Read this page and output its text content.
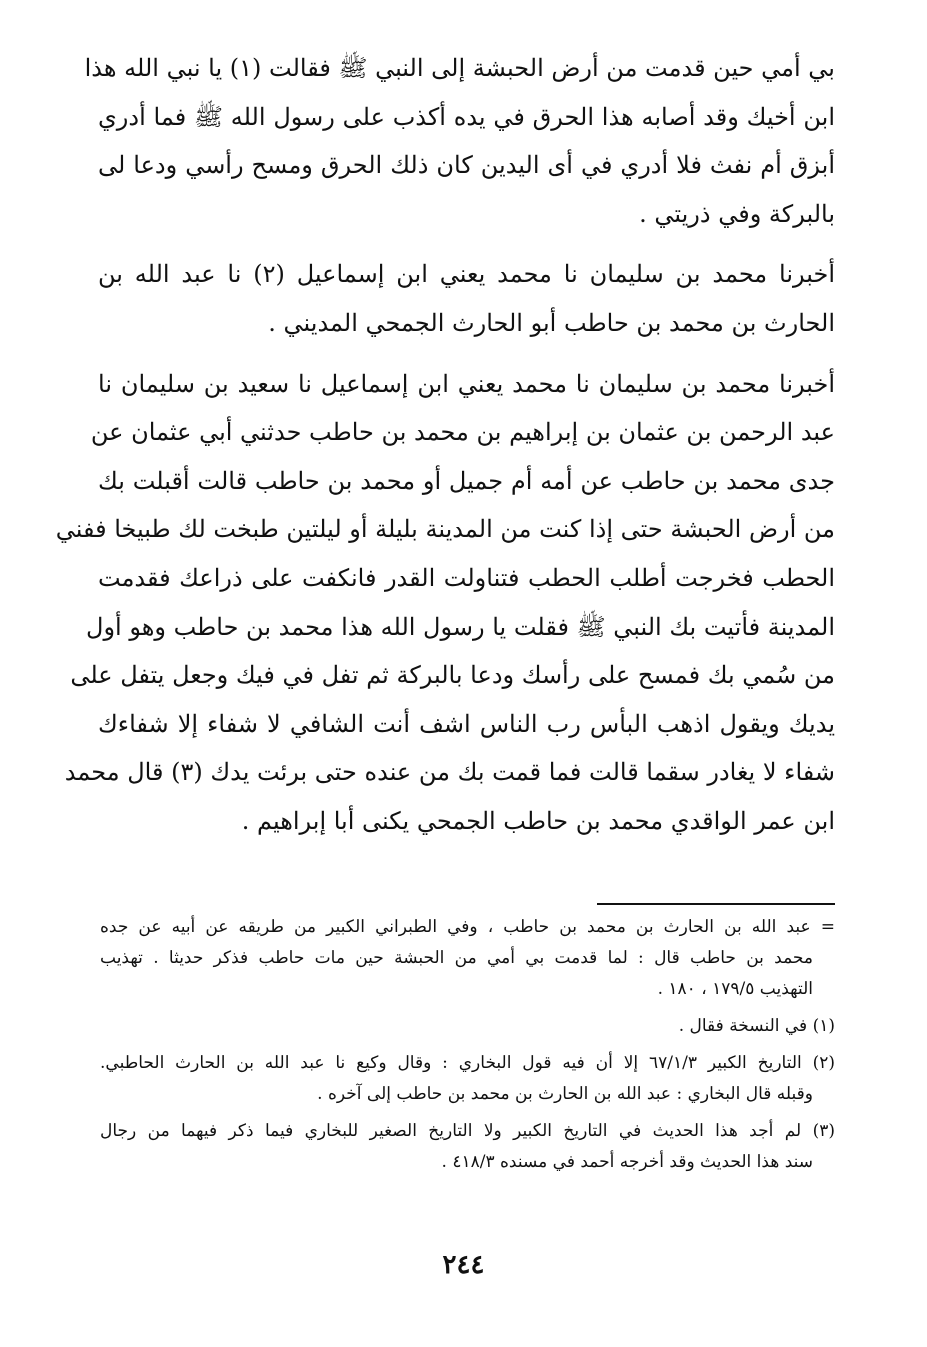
بي أمي حين قدمت من أرض الحبشة إلى النبي ﷺ فقالت (١) يا نبي الله هذا
ابن أخيك وقد أصابه هذا الحرق في يده أكذب على رسول الله ﷺ فما أدري
أبزق أم نفث فلا أدري في أى اليدين كان ذلك الحرق ومسح رأسي ودعا لى
بالبركة وفي ذريتي .

أخبرنا محمد بن سليمان نا محمد يعني ابن إسماعيل (٢) نا عبد الله بن
الحارث بن محمد بن حاطب أبو الحارث الجمحي المديني .

أخبرنا محمد بن سليمان نا محمد يعني ابن إسماعيل نا سعيد بن سليمان نا
عبد الرحمن بن عثمان بن إبراهيم بن محمد بن حاطب حدثني أبي عثمان عن
جدى محمد بن حاطب عن أمه أم جميل أو محمد بن حاطب قالت أقبلت بك
من أرض الحبشة حتى إذا كنت من المدينة بليلة أو ليلتين طبخت لك طبيخا ففني
الحطب فخرجت أطلب الحطب فتناولت القدر فانكفت على ذراعك فقدمت
المدينة فأتيت بك النبي ﷺ فقلت يا رسول الله هذا محمد بن حاطب وهو أول
من سُمي بك فمسح على رأسك ودعا بالبركة ثم تفل في فيك وجعل يتفل على
يديك ويقول اذهب البأس رب الناس اشف أنت الشافي لا شفاء إلا شفاءك
شفاء لا يغادر سقما قالت فما قمت بك من عنده حتى برئت يدك (٣) قال محمد
ابن عمر الواقدي محمد بن حاطب الجمحي يكنى أبا إبراهيم .

= عبد الله بن الحارث بن محمد بن حاطب ، وفي الطبراني الكبير من طريقه عن أبيه عن جده
محمد بن حاطب قال : لما قدمت بي أمي من الحبشة حين مات حاطب فذكر حديثا . تهذيب
التهذيب ١٧٩/٥ ، ١٨٠ .

(١) في النسخة فقال .

(٢) التاريخ الكبير ٦٧/١/٣ إلا أن فيه قول البخاري : وقال وكيع نا عبد الله بن الحارث الحاطبي.
وقبله قال البخاري : عبد الله بن الحارث بن محمد بن حاطب إلى آخره .

(٣) لم أجد هذا الحديث في التاريخ الكبير ولا التاريخ الصغير للبخاري فيما ذكر فيهما من رجال
سند هذا الحديث وقد أخرجه أحمد في مسنده ٤١٨/٣ .

٢٤٤
